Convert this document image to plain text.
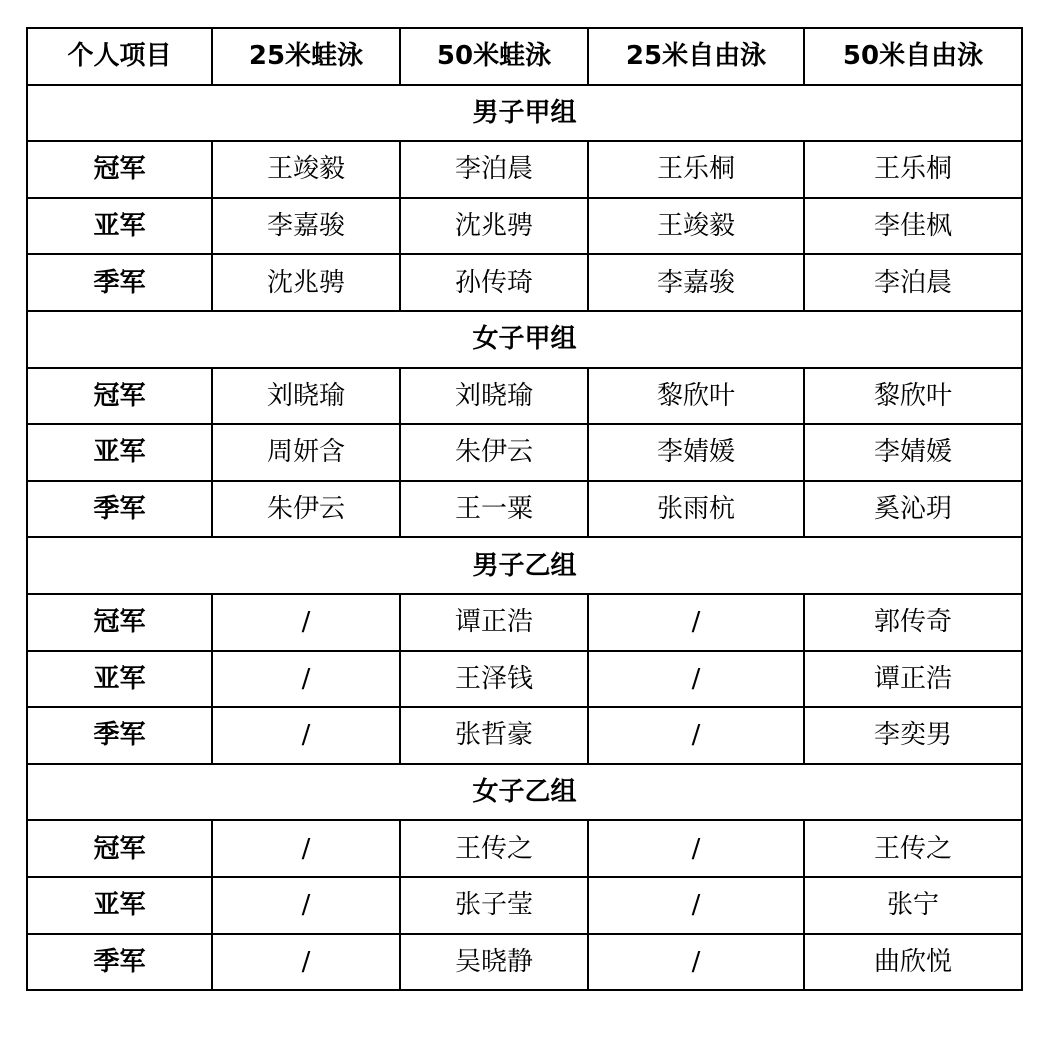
个人项目	25米蛙泳	50米蛙泳	25米自由泳	50米自由泳
男子甲组				
冠军	王竣毅	李泊晨	王乐桐	王乐桐
亚军	李嘉骏	沈兆骋	王竣毅	李佳枫
季军	沈兆骋	孙传琦	李嘉骏	李泊晨
女子甲组				
冠军	刘晓瑜	刘晓瑜	黎欣叶	黎欣叶
亚军	周妍含	朱伊云	李婧媛	李婧媛
季军	朱伊云	王一粟	张雨杭	奚沁玥
男子乙组				
冠军	/	谭正浩	/	郭传奇
亚军	/	王泽钱	/	谭正浩
季军	/	张哲豪	/	李奕男
女子乙组				
冠军	/	王传之	/	王传之
亚军	/	张子莹	/	张宁
季军	/	吴晓静	/	曲欣悦
